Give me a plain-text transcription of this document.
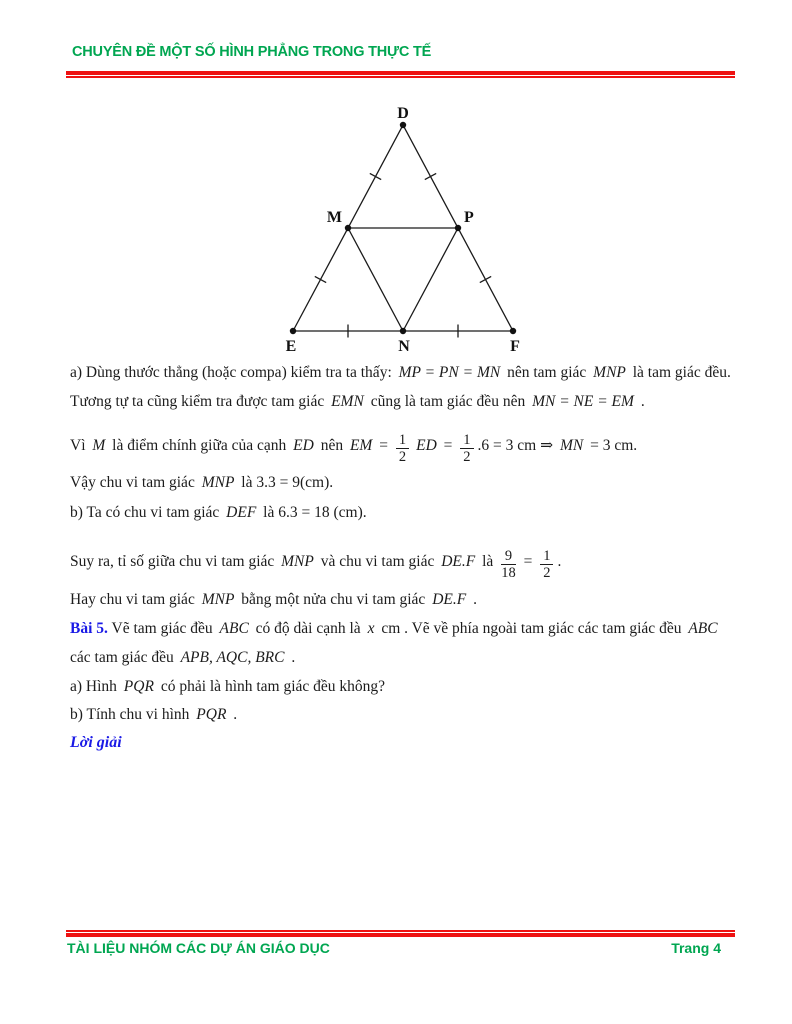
CHUYÊN ĐỀ MỘT SỐ HÌNH PHẲNG TRONG THỰC TẾ
D
M	P
E	N	F
a) Dùng thước thẳng (hoặc compa) kiểm tra ta thấy: MP = PN = MN nên tam giác MNP là tam giác đều.
Tương tự ta cũng kiểm tra được tam giác EMN cũng là tam giác đều nên MN = NE = EM .
Vì M là điểm chính giữa của cạnh ED nên EM = $\frac{1}{2}$ ED = $\frac{1}{2} .6 = 3$ cm ⇒ MN = 3 cm.
Vậy chu vi tam giác MNP là 3.3 = 9(cm).
b) Ta có chu vi tam giác DEF là 6.3 = 18 (cm).
Suy ra, tỉ số giữa chu vi tam giác MNP và chu vi tam giác DE.F là $\frac{9}{18} = \frac{1}{2}$ .
Hay chu vi tam giác MNP bằng một nửa chu vi tam giác DE.F .
Bài 5. Vẽ tam giác đều ABC có độ dài cạnh là x cm . Vẽ về phía ngoài tam giác các tam giác đều ABC
các tam giác đều APB, AQC, BRC .
a) Hình PQR có phải là hình tam giác đều không?
b) Tính chu vi hình PQR .
Lời giải
TÀI LIỆU NHÓM CÁC DỰ ÁN GIÁO DỤC	Trang 4
